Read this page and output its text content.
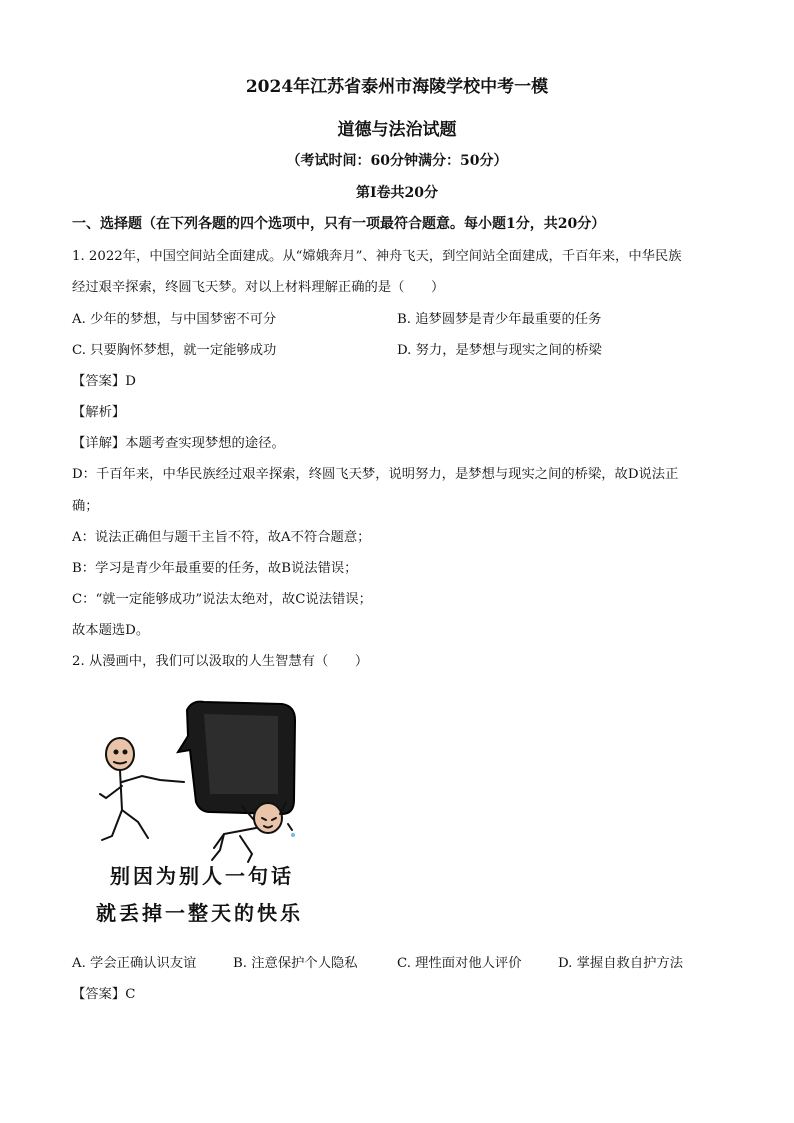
2024年江苏省泰州市海陵学校中考一模
道德与法治试题
（考试时间：60分钟满分：50分）
第Ⅰ卷共20分
一、选择题（在下列各题的四个选项中，只有一项最符合题意。每小题1分，共20分）
1. 2022年，中国空间站全面建成。从“嫦娥奔月”、神舟飞天，到空间站全面建成，千百年来，中华民族
经过艰辛探索，终圆飞天梦。对以上材料理解正确的是（　　）
A. 少年的梦想，与中国梦密不可分	B. 追梦圆梦是青少年最重要的任务
C. 只要胸怀梦想，就一定能够成功	D. 努力，是梦想与现实之间的桥梁
【答案】D
【解析】
【详解】本题考查实现梦想的途径。
D：千百年来，中华民族经过艰辛探索，终圆飞天梦，说明努力，是梦想与现实之间的桥梁，故D说法正
确；
A：说法正确但与题干主旨不符，故A不符合题意；
B：学习是青少年最重要的任务，故B说法错误；
C：“就一定能够成功”说法太绝对，故C说法错误；
故本题选D。
2. 从漫画中，我们可以汲取的人生智慧有（　　）
别因为别人一句话
就丢掉一整天的快乐
A. 学会正确认识友谊	B. 注意保护个人隐私	C. 理性面对他人评价	D. 掌握自救自护方法
【答案】C
